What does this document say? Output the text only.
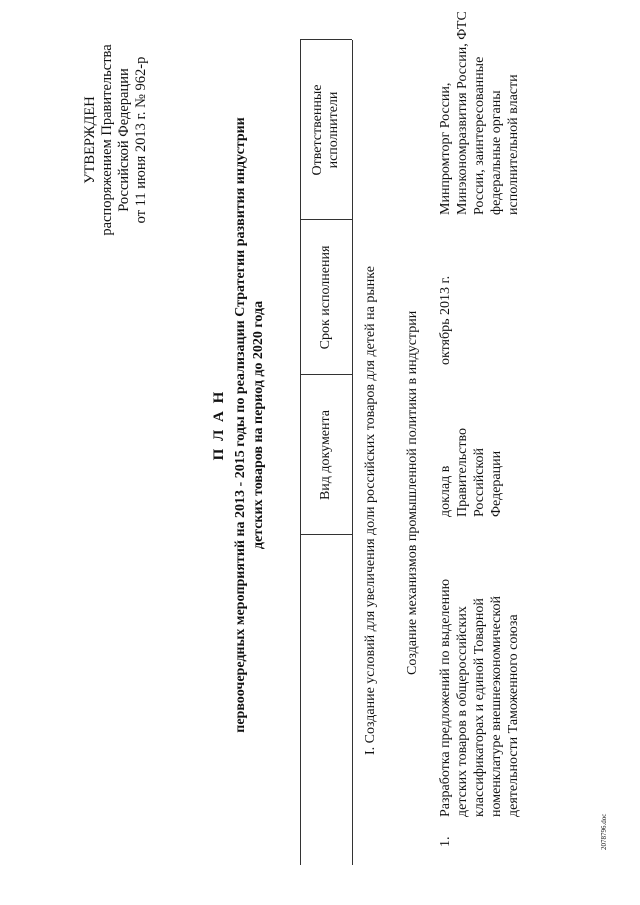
УТВЕРЖДЕН распоряжением Правительства Российской Федерации от 11 июня 2013 г. № 962-р
П Л А Н первоочередных мероприятий на 2013 - 2015 годы по реализации Стратегии развития индустрии детских товаров на период до 2020 года	Вид документа
Срок исполнения
Ответственные исполнители
I. Создание условий для увеличения доли российских товаров для детей на рынке Создание механизмов промышленной политики в индустрии
1.
Разработка предложений по выделению детских товаров в общероссийских классификаторах и единой Товарной номенклатуре внешнеэкономической деятельности Таможенного союза
доклад в Правительство Российской Федерации
октябрь 2013 г.
Минпромторг России, Минэкономразвития России, ФТС России, заинтересованные федеральные органы исполнительной власти
2078796.doc
